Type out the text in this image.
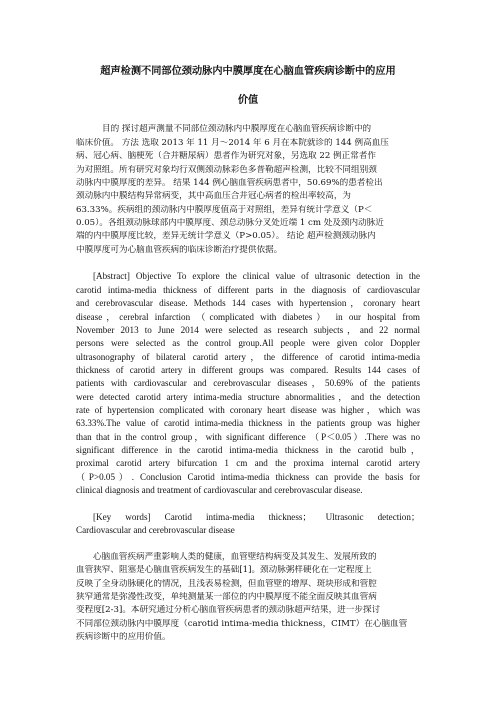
超声检测不同部位颈动脉内中膜厚度在心脑血管疾病诊断中的应用
价值
目的 探讨超声测量不同部位颈动脉内中膜厚度在心脑血管疾病诊断中的
临床价值。 方法 选取 2013 年 11 月～2014 年 6 月在本院就诊的 144 例高血压
病、冠心病、脑梗死（合并糖尿病）患者作为研究对象，另选取 22 例正常者作
为对照组。所有研究对象均行双侧颈动脉彩色多普勒超声检测，比较不同组别颈
动脉内中膜厚度的差异。 结果 144 例心脑血管疾病患者中，50.69%的患者检出
颈动脉内中膜结构异常病变，其中高血压合并冠心病者的检出率较高，为
63.33%。疾病组的颈动脉内中膜厚度值高于对照组，差异有统计学意义（P＜
0.05）。各组颈动脉球部内中膜厚度、颈总动脉分叉处近端 1 cm 处及颈内动脉近
端的内中膜厚度比较，差异无统计学意义（P>0.05）。 结论 超声检测颈动脉内
中膜厚度可为心脑血管疾病的临床诊断治疗提供依据。
[Abstract] Objective To explore the clinical value of ultrasonic detection in the
carotid intima-media thickness of different parts in the diagnosis of cardiovascular
and cerebrovascular disease. Methods 144 cases with hypertension，coronary heart
disease，cerebral infarction （complicated with diabetes） in our hospital from
November 2013 to June 2014 were selected as research subjects，and 22 normal
persons were selected as the control group.All people were given color Doppler
ultrasonography of bilateral carotid artery，the difference of carotid intima-media
thickness of carotid artery in different groups was compared. Results 144 cases of
patients with cardiovascular and cerebrovascular diseases，50.69% of the patients
were detected carotid artery intima-media structure abnormalities，and the detection
rate of hypertension complicated with coronary heart disease was higher，which was
63.33%.The value of carotid intima-media thickness in the patients group was higher
than that in the control group，with significant difference （P＜0.05）.There was no
significant difference in the carotid intima-media thickness in the carotid bulb，
proximal carotid artery bifurcation 1 cm and the proxima internal carotid artery
（P>0.05）. Conclusion Carotid intima-media thickness can provide the basis for
clinical diagnosis and treatment of cardiovascular and cerebrovascular disease.
[Key words] Carotid intima-media thickness； Ultrasonic detection；
Cardiovascular and cerebrovascular disease
心脑血管疾病严重影响人类的健康，血管壁结构病变及其发生、发展所致的
血管狭窄、阻塞是心脑血管疾病发生的基础[1]。颈动脉粥样硬化在一定程度上
反映了全身动脉硬化的情况，且浅表易检测，但血管壁的增厚、斑块形成和管腔
狭窄通常是弥漫性改变，单纯测量某一部位的内中膜厚度不能全面反映其血管病
变程度[2-3]。本研究通过分析心脑血管疾病患者的颈动脉超声结果，进一步探讨
不同部位颈动脉内中膜厚度（carotid intima-media thickness，CIMT）在心脑血管
疾病诊断中的应用价值。
